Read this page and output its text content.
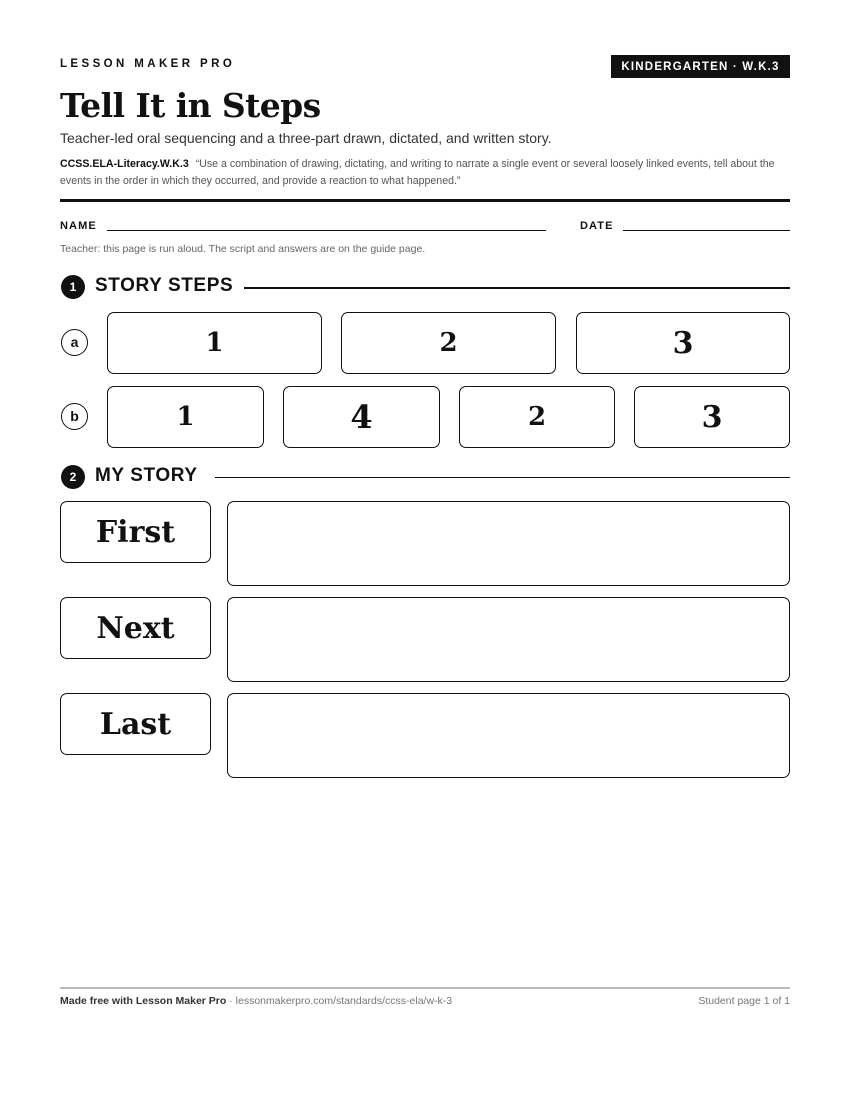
LESSON MAKER PRO	KINDERGARTEN · W.K.3
Tell It in Steps
Teacher-led oral sequencing and a three-part drawn, dictated, and written story.
CCSS.ELA-Literacy.W.K.3 “Use a combination of drawing, dictating, and writing to narrate a single event or several loosely linked events, tell about the events in the order in which they occurred, and provide a reaction to what happened.”
NAME	DATE
Teacher: this page is run aloud. The script and answers are on the guide page.
1 STORY STEPS
a	1	2	3
b	1	4	2	3
2 MY STORY
First
Next
Last
Made free with Lesson Maker Pro · lessonmakerpro.com/standards/ccss-ela/w-k-3	Student page 1 of 1
